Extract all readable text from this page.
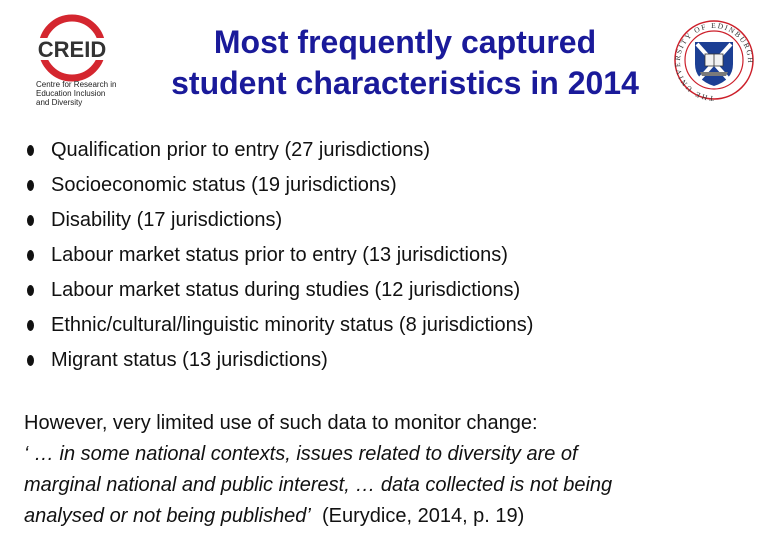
CREID
Centre for Research in
Education Inclusion
and Diversity	THE UNIVERSITY OF EDINBURGH
Most frequently captured
student characteristics in 2014
Qualification prior to entry (27 jurisdictions)
Socioeconomic status (19 jurisdictions)
Disability (17 jurisdictions)
Labour market status prior to entry (13 jurisdictions)
Labour market status during studies (12 jurisdictions)
Ethnic/cultural/linguistic minority status (8 jurisdictions)
Migrant status (13 jurisdictions)
However, very limited use of such data to monitor change:
‘ … in some national contexts, issues related to diversity are of
marginal national and public interest, … data collected is not being
analysed or not being published’  (Eurydice, 2014, p. 19)
